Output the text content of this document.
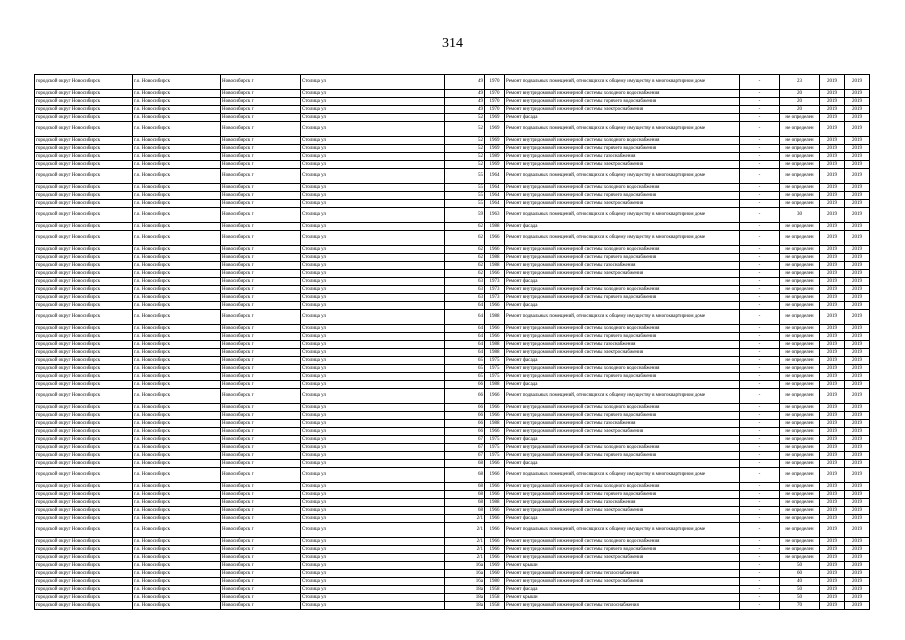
314
городской округ Новосибирск	г.о. Новосибирск	Новосибирск г	Столица ул	49	1970	Ремонт подвальных помещений, относящихся к общему имуществу в многоквартирном доме	-	23	2019	2019
городской округ Новосибирск	г.о. Новосибирск	Новосибирск г	Столица ул	49	1970	Ремонт внутридомовой инженерной системы холодного водоснабжения	-	20	2019	2019
городской округ Новосибирск	г.о. Новосибирск	Новосибирск г	Столица ул	49	1970	Ремонт внутридомовой инженерной системы горячего водоснабжения	-	20	2019	2019
городской округ Новосибирск	г.о. Новосибирск	Новосибирск г	Столица ул	49	1970	Ремонт внутридомовой инженерной системы электроснабжения	-	20	2019	2019
городской округ Новосибирск	г.о. Новосибирск	Новосибирск г	Столица ул	52	1969	Ремонт фасада	-	не определен	2019	2019
городской округ Новосибирск	г.о. Новосибирск	Новосибирск г	Столица ул	52	1969	Ремонт подвальных помещений, относящихся к общему имуществу в многоквартирном доме	-	не определен	2019	2019
городской округ Новосибирск	г.о. Новосибирск	Новосибирск г	Столица ул	52	1969	Ремонт внутридомовой инженерной системы холодного водоснабжения	-	не определен	2019	2019
городской округ Новосибирск	г.о. Новосибирск	Новосибирск г	Столица ул	52	1969	Ремонт внутридомовой инженерной системы горячего водоснабжения	-	не определен	2019	2019
городской округ Новосибирск	г.о. Новосибирск	Новосибирск г	Столица ул	52	1989	Ремонт внутридомовой инженерной системы газоснабжения	-	не определен	2019	2019
городской округ Новосибирск	г.о. Новосибирск	Новосибирск г	Столица ул	52	1969	Ремонт внутридомовой инженерной системы электроснабжения	-	не определен	2019	2019
городской округ Новосибирск	г.о. Новосибирск	Новосибирск г	Столица ул	55	1964	Ремонт подвальных помещений, относящихся к общему имуществу в многоквартирном доме	-	не определен	2019	2019
городской округ Новосибирск	г.о. Новосибирск	Новосибирск г	Столица ул	55	1964	Ремонт внутридомовой инженерной системы холодного водоснабжения	-	не определен	2019	2019
городской округ Новосибирск	г.о. Новосибирск	Новосибирск г	Столица ул	55	1964	Ремонт внутридомовой инженерной системы горячего водоснабжения	-	не определен	2019	2019
городской округ Новосибирск	г.о. Новосибирск	Новосибирск г	Столица ул	55	1964	Ремонт внутридомовой инженерной системы электроснабжения	-	не определен	2019	2019
городской округ Новосибирск	г.о. Новосибирск	Новосибирск г	Столица ул	59	1963	Ремонт подвальных помещений, относящихся к общему имуществу в многоквартирном доме	-	30	2019	2019
городской округ Новосибирск	г.о. Новосибирск	Новосибирск г	Столица ул	62	1988	Ремонт фасада	-	не определен	2019	2019
городской округ Новосибирск	г.о. Новосибирск	Новосибирск г	Столица ул	62	1966	Ремонт подвальных помещений, относящихся к общему имуществу в многоквартирном доме	-	не определен	2019	2019
городской округ Новосибирск	г.о. Новосибирск	Новосибирск г	Столица ул	62	1966	Ремонт внутридомовой инженерной системы холодного водоснабжения	-	не определен	2019	2019
городской округ Новосибирск	г.о. Новосибирск	Новосибирск г	Столица ул	62	1988	Ремонт внутридомовой инженерной системы горячего водоснабжения	-	не определен	2019	2019
городской округ Новосибирск	г.о. Новосибирск	Новосибирск г	Столица ул	62	1988	Ремонт внутридомовой инженерной системы газоснабжения	-	не определен	2019	2019
городской округ Новосибирск	г.о. Новосибирск	Новосибирск г	Столица ул	62	1966	Ремонт внутридомовой инженерной системы электроснабжения	-	не определен	2019	2019
городской округ Новосибирск	г.о. Новосибирск	Новосибирск г	Столица ул	63	1973	Ремонт фасада	-	не определен	2019	2019
городской округ Новосибирск	г.о. Новосибирск	Новосибирск г	Столица ул	63	1973	Ремонт внутридомовой инженерной системы холодного водоснабжения	-	не определен	2019	2019
городской округ Новосибирск	г.о. Новосибирск	Новосибирск г	Столица ул	63	1973	Ремонт внутридомовой инженерной системы горячего водоснабжения	-	не определен	2019	2019
городской округ Новосибирск	г.о. Новосибирск	Новосибирск г	Столица ул	64	1966	Ремонт фасада	-	не определен	2019	2019
городской округ Новосибирск	г.о. Новосибирск	Новосибирск г	Столица ул	64	1988	Ремонт подвальных помещений, относящихся к общему имуществу в многоквартирном доме	-	не определен	2019	2019
городской округ Новосибирск	г.о. Новосибирск	Новосибирск г	Столица ул	64	1966	Ремонт внутридомовой инженерной системы холодного водоснабжения	-	не определен	2019	2019
городской округ Новосибирск	г.о. Новосибирск	Новосибирск г	Столица ул	64	1966	Ремонт внутридомовой инженерной системы горячего водоснабжения	-	не определен	2019	2019
городской округ Новосибирск	г.о. Новосибирск	Новосибирск г	Столица ул	64	1988	Ремонт внутридомовой инженерной системы газоснабжения	-	не определен	2019	2019
городской округ Новосибирск	г.о. Новосибирск	Новосибирск г	Столица ул	64	1988	Ремонт внутридомовой инженерной системы электроснабжения	-	не определен	2019	2019
городской округ Новосибирск	г.о. Новосибирск	Новосибирск г	Столица ул	65	1975	Ремонт фасада	-	не определен	2019	2019
городской округ Новосибирск	г.о. Новосибирск	Новосибирск г	Столица ул	65	1975	Ремонт внутридомовой инженерной системы холодного водоснабжения	-	не определен	2019	2019
городской округ Новосибирск	г.о. Новосибирск	Новосибирск г	Столица ул	65	1975	Ремонт внутридомовой инженерной системы горячего водоснабжения	-	не определен	2019	2019
городской округ Новосибирск	г.о. Новосибирск	Новосибирск г	Столица ул	66	1988	Ремонт фасада	-	не определен	2019	2019
городской округ Новосибирск	г.о. Новосибирск	Новосибирск г	Столица ул	66	1966	Ремонт подвальных помещений, относящихся к общему имуществу в многоквартирном доме	-	не определен	2019	2019
городской округ Новосибирск	г.о. Новосибирск	Новосибирск г	Столица ул	66	1966	Ремонт внутридомовой инженерной системы холодного водоснабжения	-	не определен	2019	2019
городской округ Новосибирск	г.о. Новосибирск	Новосибирск г	Столица ул	66	1966	Ремонт внутридомовой инженерной системы горячего водоснабжения	-	не определен	2019	2019
городской округ Новосибирск	г.о. Новосибирск	Новосибирск г	Столица ул	66	1988	Ремонт внутридомовой инженерной системы газоснабжения	-	не определен	2019	2019
городской округ Новосибирск	г.о. Новосибирск	Новосибирск г	Столица ул	66	1966	Ремонт внутридомовой инженерной системы электроснабжения	-	не определен	2019	2019
городской округ Новосибирск	г.о. Новосибирск	Новосибирск г	Столица ул	67	1975	Ремонт фасада	-	не определен	2019	2019
городской округ Новосибирск	г.о. Новосибирск	Новосибирск г	Столица ул	67	1975	Ремонт внутридомовой инженерной системы холодного водоснабжения	-	не определен	2019	2019
городской округ Новосибирск	г.о. Новосибирск	Новосибирск г	Столица ул	67	1975	Ремонт внутридомовой инженерной системы горячего водоснабжения	-	не определен	2019	2019
городской округ Новосибирск	г.о. Новосибирск	Новосибирск г	Столица ул	68	1966	Ремонт фасада	-	не определен	2019	2019
городской округ Новосибирск	г.о. Новосибирск	Новосибирск г	Столица ул	68	1966	Ремонт подвальных помещений, относящихся к общему имуществу в многоквартирном доме	-	не определен	2019	2019
городской округ Новосибирск	г.о. Новосибирск	Новосибирск г	Столица ул	68	1966	Ремонт внутридомовой инженерной системы холодного водоснабжения	-	не определен	2019	2019
городской округ Новосибирск	г.о. Новосибирск	Новосибирск г	Столица ул	68	1966	Ремонт внутридомовой инженерной системы горячего водоснабжения	-	не определен	2019	2019
городской округ Новосибирск	г.о. Новосибирск	Новосибирск г	Столица ул	68	1988	Ремонт внутридомовой инженерной системы газоснабжения	-	не определен	2019	2019
городской округ Новосибирск	г.о. Новосибирск	Новосибирск г	Столица ул	68	1966	Ремонт внутридомовой инженерной системы электроснабжения	-	не определен	2019	2019
городской округ Новосибирск	г.о. Новосибирск	Новосибирск г	Столица ул	2/1	1966	Ремонт фасада	-	не определен	2019	2019
городской округ Новосибирск	г.о. Новосибирск	Новосибирск г	Столица ул	2/1	1966	Ремонт подвальных помещений, относящихся к общему имуществу в многоквартирном доме	-	не определен	2019	2019
городской округ Новосибирск	г.о. Новосибирск	Новосибирск г	Столица ул	2/1	1966	Ремонт внутридомовой инженерной системы холодного водоснабжения	-	не определен	2019	2019
городской округ Новосибирск	г.о. Новосибирск	Новосибирск г	Столица ул	2/1	1966	Ремонт внутридомовой инженерной системы горячего водоснабжения	-	не определен	2019	2019
городской округ Новосибирск	г.о. Новосибирск	Новосибирск г	Столица ул	2/1	1966	Ремонт внутридомовой инженерной системы электроснабжения	-	не определен	2019	2019
городской округ Новосибирск	г.о. Новосибирск	Новосибирск г	Столица ул	16а	1969	Ремонт крыши	-	50	2019	2019
городской округ Новосибирск	г.о. Новосибирск	Новосибирск г	Столица ул	16а	1960	Ремонт внутридомовой инженерной системы теплоснабжения	-	60	2019	2019
городской округ Новосибирск	г.о. Новосибирск	Новосибирск г	Столица ул	16а	1980	Ремонт внутридомовой инженерной системы электроснабжения	-	40	2019	2019
городской округ Новосибирск	г.о. Новосибирск	Новосибирск г	Столица ул	18а	1958	Ремонт фасада	-	50	2019	2019
городской округ Новосибирск	г.о. Новосибирск	Новосибирск г	Столица ул	18а	1958	Ремонт крыши	-	50	2019	2019
городской округ Новосибирск	г.о. Новосибирск	Новосибирск г	Столица ул	18а	1958	Ремонт внутридомовой инженерной системы теплоснабжения	-	70	2019	2019
